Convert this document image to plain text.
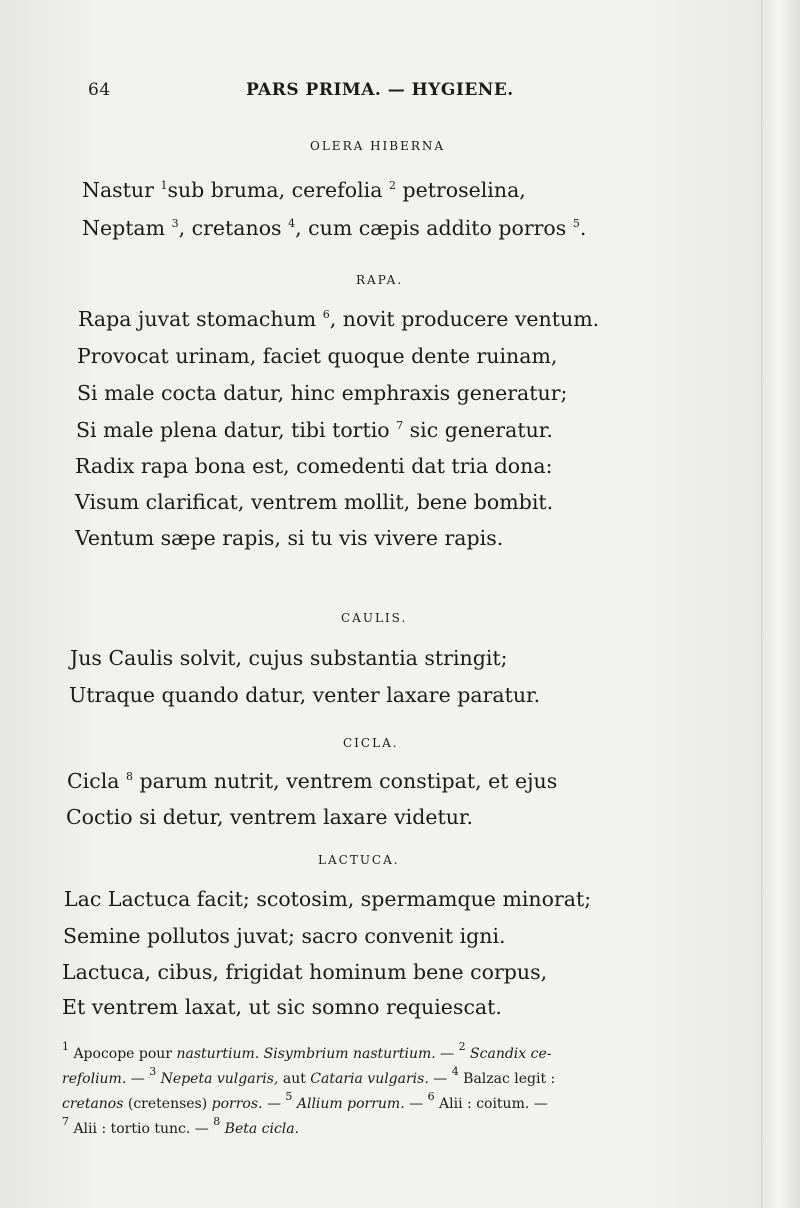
64	PARS PRIMA. — HYGIENE.
OLERA HIBERNA
Nastur $^1$sub bruma, cerefolia $^2$ petroselina,
Neptam $^3$, cretanos $^4$, cum cæpis addito porros $^5$.
RAPA.
Rapa juvat stomachum $^6$, novit producere ventum.
Provocat urinam, faciet quoque dente ruinam,
Si male cocta datur, hinc emphraxis generatur;
Si male plena datur, tibi tortio $^7$ sic generatur.
Radix rapa bona est, comedenti dat tria dona:
Visum clarificat, ventrem mollit, bene bombit.
Ventum sæpe rapis, si tu vis vivere rapis.
CAULIS.
Jus Caulis solvit, cujus substantia stringit;
Utraque quando datur, venter laxare paratur.
CICLA.
Cicla $^8$ parum nutrit, ventrem constipat, et ejus
Coctio si detur, ventrem laxare videtur.
LACTUCA.
Lac Lactuca facit; scotosim, spermamque minorat;
Semine pollutos juvat; sacro convenit igni.
Lactuca, cibus, frigidat hominum bene corpus,
Et ventrem laxat, ut sic somno requiescat.
$^1$ Apocope pour nasturtium. Sisymbrium nasturtium. — $^2$ Scandix ce-
refolium. — $^3$ Nepeta vulgaris, aut Cataria vulgaris. — $^4$ Balzac legit :
cretanos (cretenses) porros. — $^5$ Allium porrum. — $^6$ Alii : coitum. —
$^7$ Alii : tortio tunc. — $^8$ Beta cicla.
